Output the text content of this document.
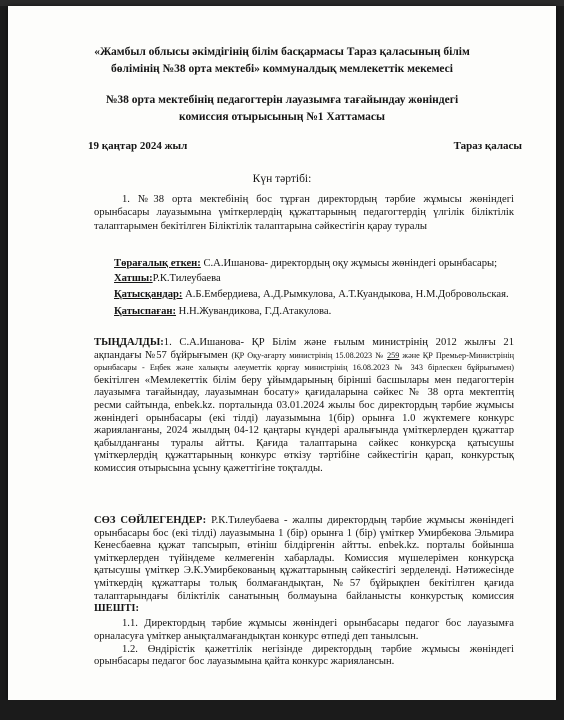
«Жамбыл облысы әкімдігінің білім басқармасы Тараз қаласының білім

бөлімінің №38 орта мектебі» коммуналдық мемлекеттік мекемесі

№38 орта мектебінің педагогтерін лауазымға тағайындау жөніндегі

комиссия отырысының №1 Хаттамасы

19 қаңтар 2024 жыл	Тараз қаласы
Күн тәртібі:
1. №38 орта мектебінің бос тұрған директордың тәрбие жұмысы жөніндегі орынбасары лауазымына үміткерлердің құжаттарының педагогтердің үлгілік біліктілік талаптарымен бекітілген Біліктілік талаптарына сәйкестігін қарау туралы

Төрағалық еткен: С.А.Ишанова- директордың оқу жұмысы жөніндегі орынбасары;

Хатшы:Р.К.Тилеубаева

Қатысқандар: А.Б.Ембердиева, А.Д.Рымкулова, А.Т.Куандыкова, Н.М.Добровольская.

Қатыспаған: Н.Н.Жувандикова, Г.Д.Атакулова.

ТЫҢДАЛДЫ:1. С.А.Ишанова- ҚР Білім және ғылым министрінің 2012 жылғы 21 ақпандағы №57 бұйрығымен (ҚР Оқу-ағарту министрінің 15.08.2023 № 259 және ҚР Премьер-Министрінің орынбасары - Еңбек және халықты әлеуметтік қорғау министрінің 16.08.2023 № 343 бірлескен бұйрығымен) бекітілген «Мемлекеттік білім беру ұйымдарының бірінші басшылары мен педагогтерін лауазымға тағайындау, лауазымнан босату» қағидаларына сәйкес № 38 орта мектептің ресми сайтында, enbek.kz. порталында 03.01.2024 жылы бос директордың тәрбие жұмысы жөніндегі орынбасары (екі тілді) лауазымына 1(бір) орынға 1.0 жүктемеге конкурс жарияланғаны, 2024 жылдың 04-12 қаңтары күндері аралығында үміткерлерден құжаттар қабылданғаны туралы айтты. Қағида талаптарына сәйкес конкурсқа қатысушы үміткерлердің құжаттарының конкурс өткізу тәртібіне сәйкестігін қарап, конкурстық комиссия отырысына ұсыну қажеттігіне тоқталды.
СӨЗ СӨЙЛЕГЕНДЕР: Р.К.Тилеубаева - жалпы директордың тәрбие жұмысы жөніндегі орынбасары бос (екі тілді) лауазымына 1 (бір) орынға 1 (бір) үміткер Умирбекова Эльмира Кенесбаевна құжат тапсырып, өтініш білдіргенін айтты. enbek.kz. порталы бойынша үміткерлерден түйіндеме келмегенін хабарлады. Комиссия мүшелерімен конкурсқа қатысушы үміткер Э.К.Умирбекованың құжаттарының сәйкестігі зерделенді. Нәтижесінде үміткердің құжаттары толық болмағандықтан, №57 бұйрықпен бекітілген қағида талаптарындағы біліктілік санатының болмауына байланысты конкурстық комиссия ШЕШТІ:

1.1. Директордың тәрбие жұмысы жөніндегі орынбасары педагог бос лауазымға орналасуға үміткер анықталмағандықтан конкурс өтпеді деп танылсын.

1.2. Өндірістік қажеттілік негізінде директордың тәрбие жұмысы жөніндегі орынбасары педагог бос лауазымына қайта конкурс жариялансын.
